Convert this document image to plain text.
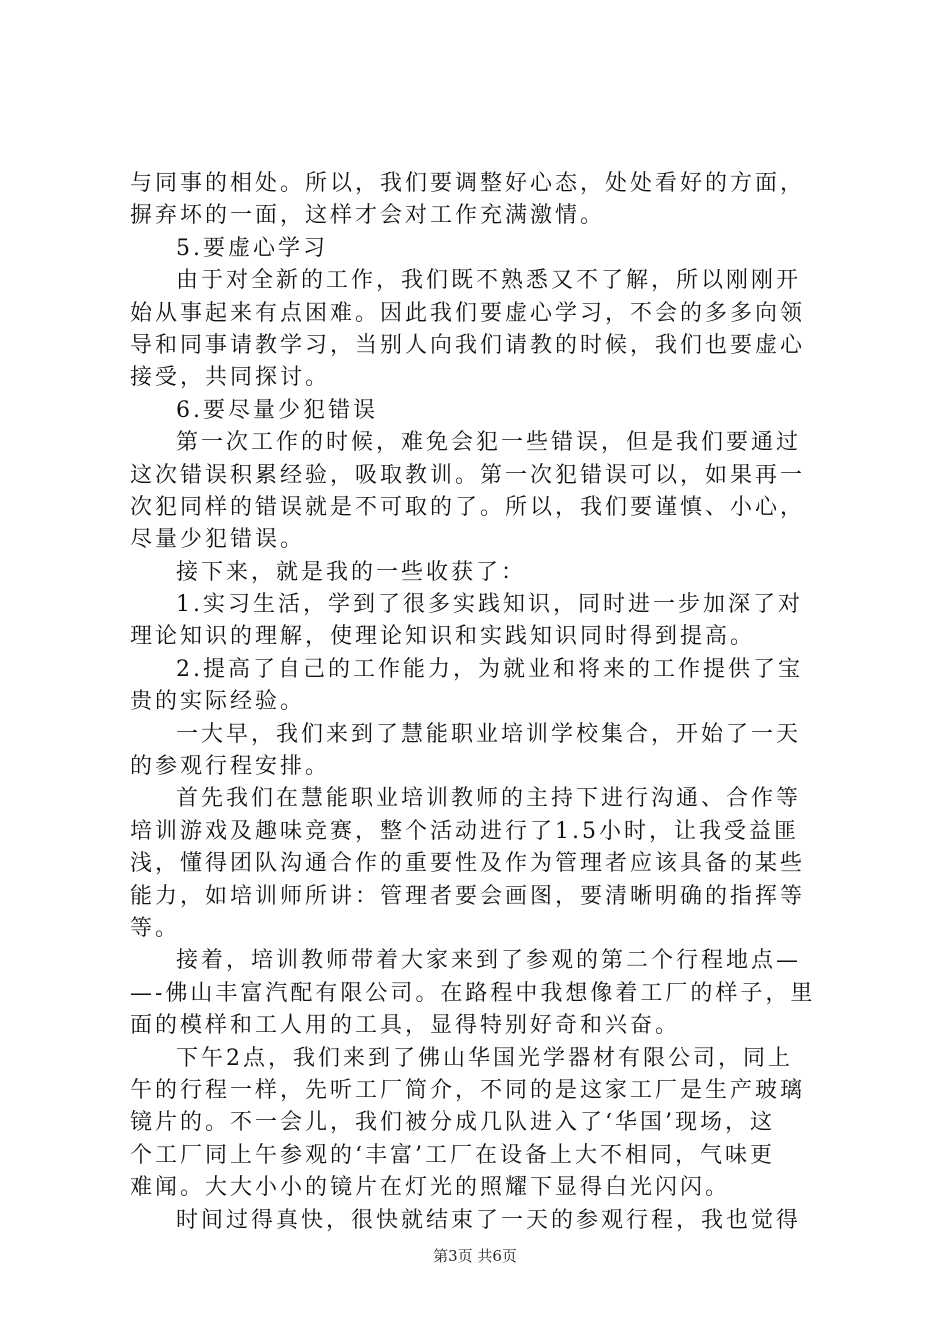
与同事的相处。所以，我们要调整好心态，处处看好的方面，
摒弃坏的一面，这样才会对工作充满激情。
5.要虚心学习
由于对全新的工作，我们既不熟悉又不了解，所以刚刚开
始从事起来有点困难。因此我们要虚心学习，不会的多多向领
导和同事请教学习，当别人向我们请教的时候，我们也要虚心
接受，共同探讨。
6.要尽量少犯错误
第一次工作的时候，难免会犯一些错误，但是我们要通过
这次错误积累经验，吸取教训。第一次犯错误可以，如果再一
次犯同样的错误就是不可取的了。所以，我们要谨慎、小心，
尽量少犯错误。
接下来，就是我的一些收获了：
1.实习生活，学到了很多实践知识，同时进一步加深了对
理论知识的理解，使理论知识和实践知识同时得到提高。
2.提高了自己的工作能力，为就业和将来的工作提供了宝
贵的实际经验。
一大早，我们来到了慧能职业培训学校集合，开始了一天
的参观行程安排。
首先我们在慧能职业培训教师的主持下进行沟通、合作等
培训游戏及趣味竞赛，整个活动进行了1.5小时，让我受益匪
浅，懂得团队沟通合作的重要性及作为管理者应该具备的某些
能力，如培训师所讲：管理者要会画图，要清晰明确的指挥等
等。
接着，培训教师带着大家来到了参观的第二个行程地点—
—-佛山丰富汽配有限公司。在路程中我想像着工厂的样子，里
面的模样和工人用的工具，显得特别好奇和兴奋。
下午2点，我们来到了佛山华国光学器材有限公司，同上
午的行程一样，先听工厂简介，不同的是这家工厂是生产玻璃
镜片的。不一会儿，我们被分成几队进入了‘华国’现场，这
个工厂同上午参观的‘丰富’工厂在设备上大不相同，气味更
难闻。大大小小的镜片在灯光的照耀下显得白光闪闪。
时间过得真快，很快就结束了一天的参观行程，我也觉得
第3页 共6页
